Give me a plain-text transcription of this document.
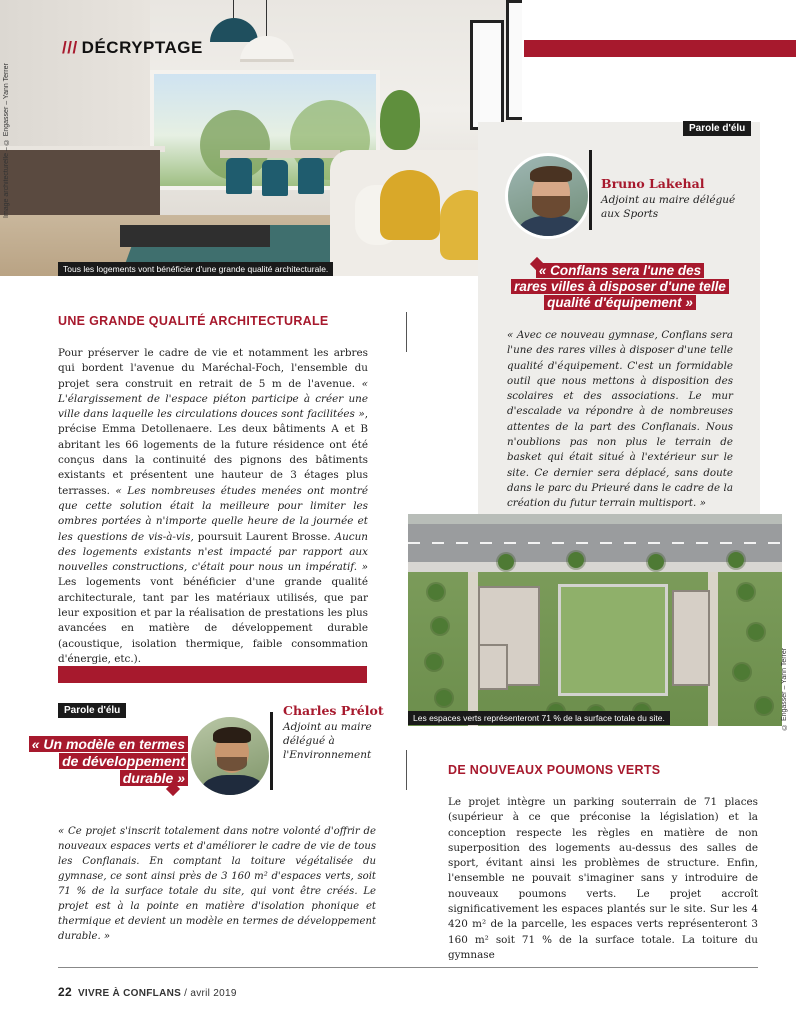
Image architecturelle – © Engasser – Yann Terrer
/// DÉCRYPTAGE
Tous les logements vont bénéficier d'une grande qualité architecturale.
Parole d'élu
Bruno Lakehal
Adjoint au maire délégué aux Sports
« Conflans sera l'une des
rares villes à disposer d'une telle
qualité d'équipement »
« Avec ce nouveau gymnase, Conflans sera l'une des rares villes à disposer d'une telle qualité d'équipement. C'est un formidable outil que nous mettons à disposition des scolaires et des associations. Le mur d'escalade va répondre à de nombreuses attentes de la part des Conflanais. Nous n'oublions pas non plus le terrain de basket qui était situé à l'extérieur sur le site. Ce dernier sera déplacé, sans doute dans le parc du Prieuré dans le cadre de la création du futur terrain multisport. »
UNE GRANDE QUALITÉ ARCHITECTURALE
Pour préserver le cadre de vie et notamment les arbres qui bordent l'avenue du Maréchal-Foch, l'ensemble du projet sera construit en retrait de 5 m de l'avenue. « L'élargissement de l'espace piéton participe à créer une ville dans laquelle les circulations douces sont facilitées », précise Emma Detollenaere. Les deux bâtiments A et B abritant les 66 logements de la future résidence ont été conçus dans la continuité des pignons des bâtiments existants et présentent une hauteur de 3 étages plus terrasses. « Les nombreuses études menées ont montré que cette solution était la meilleure pour limiter les ombres portées à n'importe quelle heure de la journée et les questions de vis-à-vis, poursuit Laurent Brosse. Aucun des logements existants n'est impacté par rapport aux nouvelles constructions, c'était pour nous un impératif. » Les logements vont bénéficier d'une grande qualité architecturale, tant par les matériaux utilisés, que par leur exposition et par la réalisation de prestations les plus avancées en matière de développement durable (acoustique, isolation thermique, faible consommation d'énergie, etc.).
Parole d'élu	Charles Prélot
Adjoint au maire délégué à l'Environnement
« Un modèle en termes
de développement
durable »
« Ce projet s'inscrit totalement dans notre volonté d'offrir de nouveaux espaces verts et d'améliorer le cadre de vie de tous les Conflanais. En comptant la toiture végétalisée du gymnase, ce sont ainsi près de 3 160 m² d'espaces verts, soit 71 % de la surface totale du site, qui vont être créés. Le projet est à la pointe en matière d'isolation phonique et thermique et devient un modèle en termes de développement durable. »
Les espaces verts représenteront 71 % de la surface totale du site.	© Engasser – Yann Terrer
DE NOUVEAUX POUMONS VERTS
Le projet intègre un parking souterrain de 71 places (supérieur à ce que préconise la législation) et la conception respecte les règles en matière de non superposition des logements au-dessus des salles de sport, évitant ainsi les problèmes de structure. Enfin, l'ensemble ne pouvait s'imaginer sans y introduire de nouveaux poumons verts. Le projet accroît significativement les espaces plantés sur le site. Sur les 4 420 m² de la parcelle, les espaces verts représenteront 3 160 m² soit 71 % de la surface totale. La toiture du gymnase
22 VIVRE À CONFLANS / avril 2019
